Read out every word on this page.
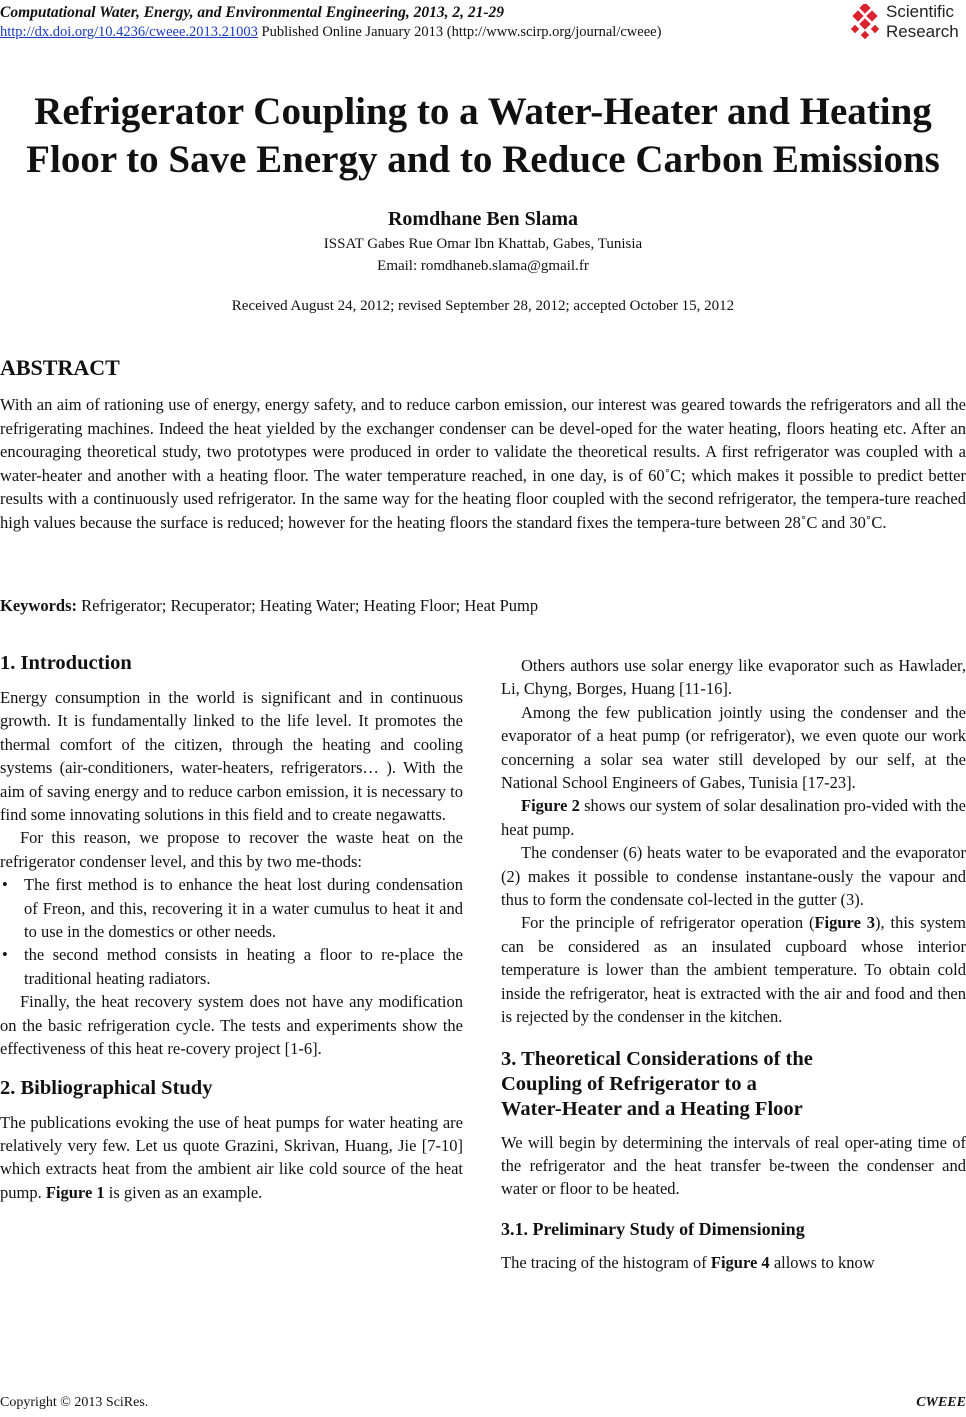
Computational Water, Energy, and Environmental Engineering, 2013, 2, 21-29
http://dx.doi.org/10.4236/cweee.2013.21003 Published Online January 2013 (http://www.scirp.org/journal/cweee)
Scientific
Research
Refrigerator Coupling to a Water-Heater and Heating
Floor to Save Energy and to Reduce Carbon Emissions
Romdhane Ben Slama
ISSAT Gabes Rue Omar Ibn Khattab, Gabes, Tunisia
Email: romdhaneb.slama@gmail.fr
Received August 24, 2012; revised September 28, 2012; accepted October 15, 2012
ABSTRACT

With an aim of rationing use of energy, energy safety, and to reduce carbon emission, our interest was geared towards the refrigerators and all the refrigerating machines. Indeed the heat yielded by the exchanger condenser can be devel-oped for the water heating, floors heating etc. After an encouraging theoretical study, two prototypes were produced in order to validate the theoretical results. A first refrigerator was coupled with a water-heater and another with a heating floor. The water temperature reached, in one day, is of 60˚C; which makes it possible to predict better results with a continuously used refrigerator. In the same way for the heating floor coupled with the second refrigerator, the tempera-ture reached high values because the surface is reduced; however for the heating floors the standard fixes the tempera-ture between 28˚C and 30˚C.

Keywords: Refrigerator; Recuperator; Heating Water; Heating Floor; Heat Pump
1. Introduction

Energy consumption in the world is significant and in continuous growth. It is fundamentally linked to the life level. It promotes the thermal comfort of the citizen, through the heating and cooling systems (air-conditioners, water-heaters, refrigerators… ). With the aim of saving energy and to reduce carbon emission, it is necessary to find some innovating solutions in this field and to create negawatts.

For this reason, we propose to recover the waste heat on the refrigerator condenser level, and this by two me-thods:

• The first method is to enhance the heat lost during condensation of Freon, and this, recovering it in a water cumulus to heat it and to use in the domestics or other needs.
• the second method consists in heating a floor to re-place the traditional heating radiators.

Finally, the heat recovery system does not have any modification on the basic refrigeration cycle. The tests and experiments show the effectiveness of this heat re-covery project [1-6].

2. Bibliographical Study

The publications evoking the use of heat pumps for water heating are relatively very few. Let us quote Grazini, Skrivan, Huang, Jie [7-10] which extracts heat from the ambient air like cold source of the heat pump. Figure 1 is given as an example.

Others authors use solar energy like evaporator such as Hawlader, Li, Chyng, Borges, Huang [11-16].

Among the few publication jointly using the condenser and the evaporator of a heat pump (or refrigerator), we even quote our work concerning a solar sea water still developed by our self, at the National School Engineers of Gabes, Tunisia [17-23].

Figure 2 shows our system of solar desalination pro-vided with the heat pump.

The condenser (6) heats water to be evaporated and the evaporator (2) makes it possible to condense instantane-ously the vapour and thus to form the condensate col-lected in the gutter (3).

For the principle of refrigerator operation (Figure 3), this system can be considered as an insulated cupboard whose interior temperature is lower than the ambient temperature. To obtain cold inside the refrigerator, heat is extracted with the air and food and then is rejected by the condenser in the kitchen.

3. Theoretical Considerations of the
Coupling of Refrigerator to a
Water-Heater and a Heating Floor

We will begin by determining the intervals of real oper-ating time of the refrigerator and the heat transfer be-tween the condenser and water or floor to be heated.

3.1. Preliminary Study of Dimensioning

The tracing of the histogram of Figure 4 allows to know

Copyright © 2013 SciRes.	CWEEE
